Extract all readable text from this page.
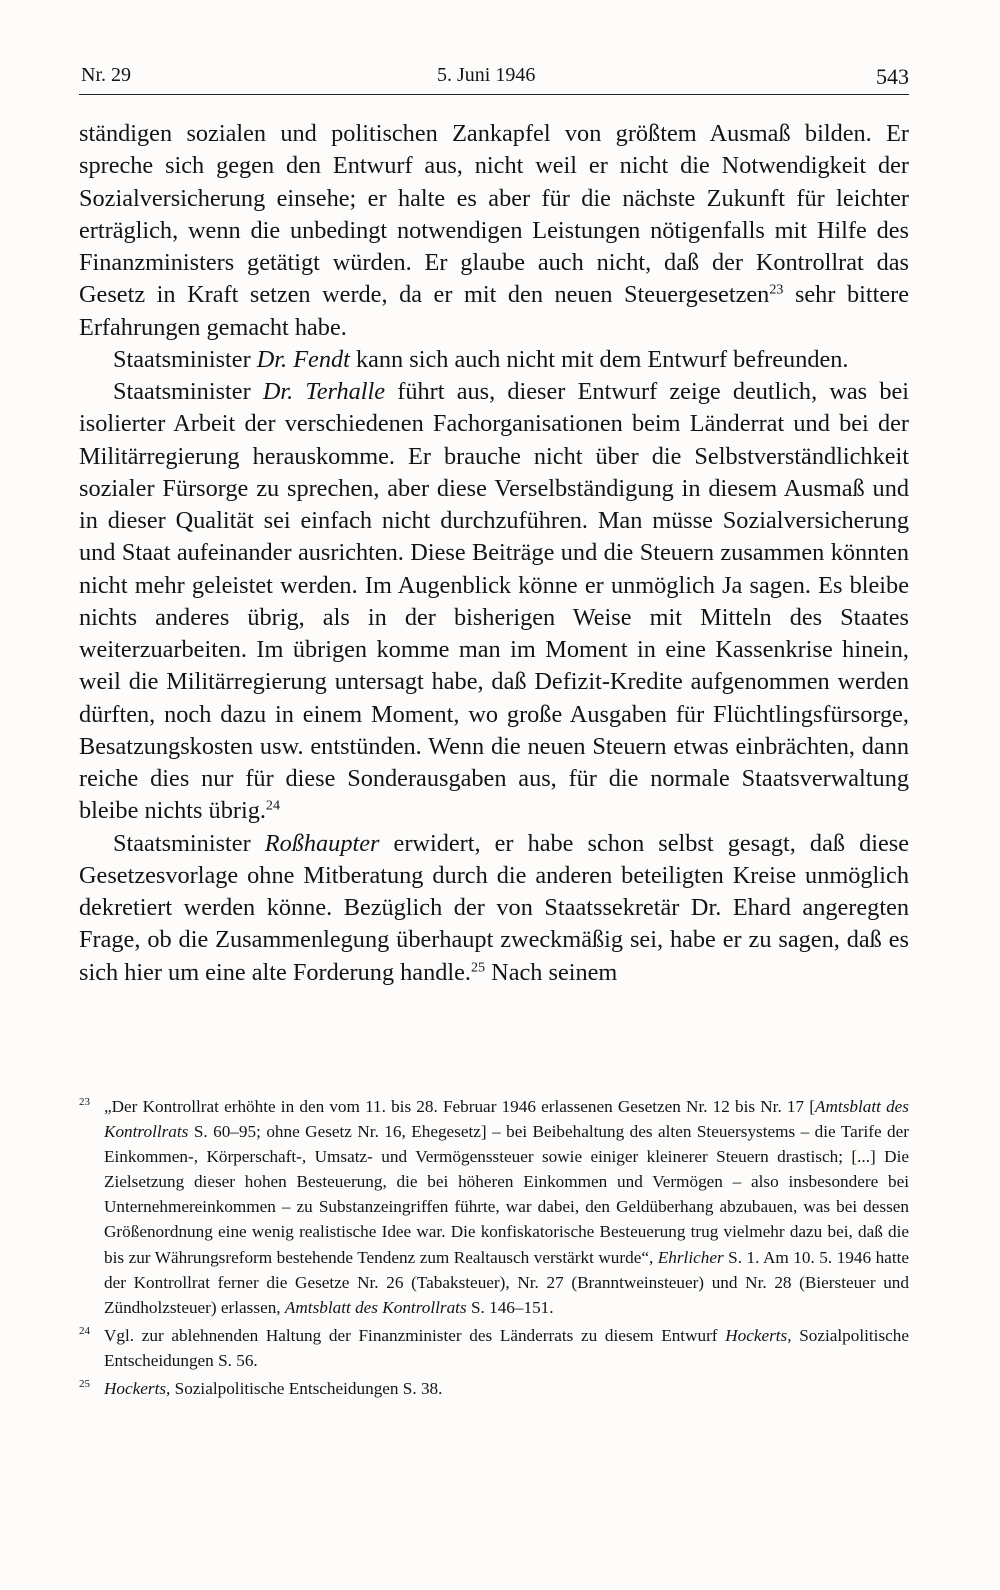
Nr. 29	5. Juni 1946	543

ständigen sozialen und politischen Zankapfel von größtem Ausmaß bilden. Er spreche sich gegen den Entwurf aus, nicht weil er nicht die Notwendigkeit der Sozialversicherung einsehe; er halte es aber für die nächste Zukunft für leichter erträglich, wenn die unbedingt notwendigen Leistungen nötigenfalls mit Hilfe des Finanzministers getätigt würden. Er glaube auch nicht, daß der Kontrollrat das Gesetz in Kraft setzen werde, da er mit den neuen Steuergesetzen$^{23}$ sehr bittere Erfahrungen gemacht habe.

Staatsminister Dr. Fendt kann sich auch nicht mit dem Entwurf befreunden.

Staatsminister Dr. Terhalle führt aus, dieser Entwurf zeige deutlich, was bei isolierter Arbeit der verschiedenen Fachorganisationen beim Länderrat und bei der Militärregierung herauskomme. Er brauche nicht über die Selbstverständlichkeit sozialer Fürsorge zu sprechen, aber diese Verselbständigung in diesem Ausmaß und in dieser Qualität sei einfach nicht durchzuführen. Man müsse Sozialversicherung und Staat aufeinander ausrichten. Diese Beiträge und die Steuern zusammen könnten nicht mehr geleistet werden. Im Augenblick könne er unmöglich Ja sagen. Es bleibe nichts anderes übrig, als in der bisherigen Weise mit Mitteln des Staates weiterzuarbeiten. Im übrigen komme man im Moment in eine Kassenkrise hinein, weil die Militärregierung untersagt habe, daß Defizit-Kredite aufgenommen werden dürften, noch dazu in einem Moment, wo große Ausgaben für Flüchtlingsfürsorge, Besatzungskosten usw. entstünden. Wenn die neuen Steuern etwas einbrächten, dann reiche dies nur für diese Sonderausgaben aus, für die normale Staatsverwaltung bleibe nichts übrig.$^{24}$

Staatsminister Roßhaupter erwidert, er habe schon selbst gesagt, daß diese Gesetzesvorlage ohne Mitberatung durch die anderen beteiligten Kreise unmöglich dekretiert werden könne. Bezüglich der von Staatssekretär Dr. Ehard angeregten Frage, ob die Zusammenlegung überhaupt zweckmäßig sei, habe er zu sagen, daß es sich hier um eine alte Forderung handle.$^{25}$ Nach seinem

23 „Der Kontrollrat erhöhte in den vom 11. bis 28. Februar 1946 erlassenen Gesetzen Nr. 12 bis Nr. 17 [Amtsblatt des Kontrollrats S. 60–95; ohne Gesetz Nr. 16, Ehegesetz] – bei Beibehaltung des alten Steuersystems – die Tarife der Einkommen-, Körperschaft-, Umsatz- und Vermögenssteuer sowie einiger kleinerer Steuern drastisch; [...] Die Zielsetzung dieser hohen Besteuerung, die bei höheren Einkommen und Vermögen – also insbesondere bei Unternehmereinkommen – zu Substanzeingriffen führte, war dabei, den Geldüberhang abzubauen, was bei dessen Größenordnung eine wenig realistische Idee war. Die konfiskatorische Besteuerung trug vielmehr dazu bei, daß die bis zur Währungsreform bestehende Tendenz zum Realtausch verstärkt wurde“, Ehrlicher S. 1. Am 10. 5. 1946 hatte der Kontrollrat ferner die Gesetze Nr. 26 (Tabaksteuer), Nr. 27 (Branntweinsteuer) und Nr. 28 (Biersteuer und Zündholzsteuer) erlassen, Amtsblatt des Kontrollrats S. 146–151.
24 Vgl. zur ablehnenden Haltung der Finanzminister des Länderrats zu diesem Entwurf Hockerts, Sozialpolitische Entscheidungen S. 56.
25 Hockerts, Sozialpolitische Entscheidungen S. 38.
